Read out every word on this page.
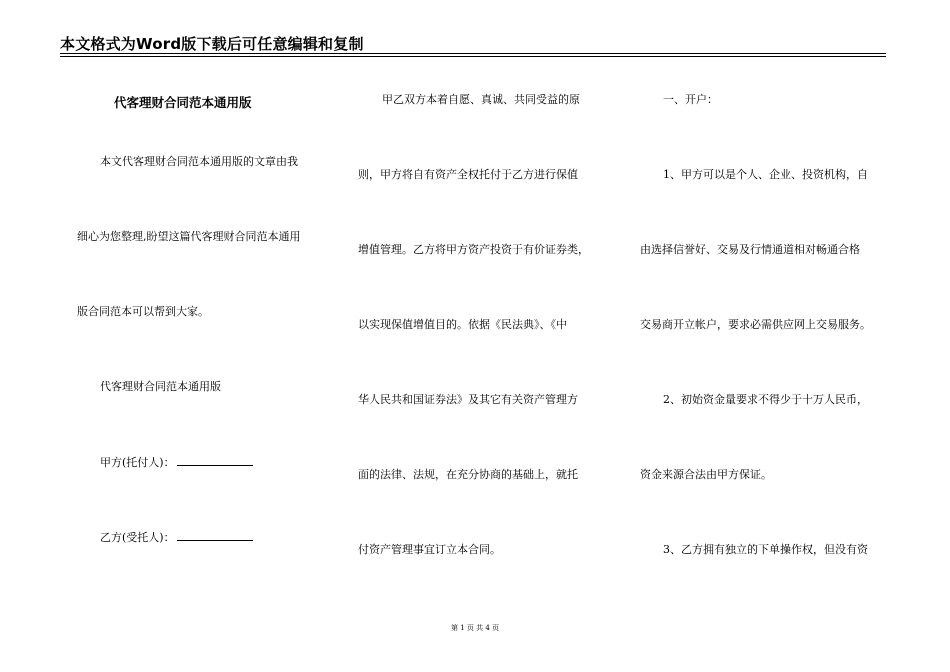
本文格式为Word版下载后可任意编辑和复制
代客理财合同范本通用版
本文代客理财合同范本通用版的文章由我
细心为您整理,盼望这篇代客理财合同范本通用
版合同范本可以帮到大家。
代客理财合同范本通用版
甲方(托付人)：
乙方(受托人)：
甲乙双方本着自愿、真诚、共同受益的原
则，甲方将自有资产全权托付于乙方进行保值
增值管理。乙方将甲方资产投资于有价证券类，
以实现保值增值目的。依据《民法典》、《中
华人民共和国证券法》及其它有关资产管理方
面的法律、法规，在充分协商的基础上，就托
付资产管理事宜订立本合同。
一、开户：
1、甲方可以是个人、企业、投资机构，自
由选择信誉好、交易及行情通道相对畅通合格
交易商开立帐户，要求必需供应网上交易服务。
2、初始资金量要求不得少于十万人民币，
资金来源合法由甲方保证。
3、乙方拥有独立的下单操作权，但没有资
第 1 页 共 4 页
